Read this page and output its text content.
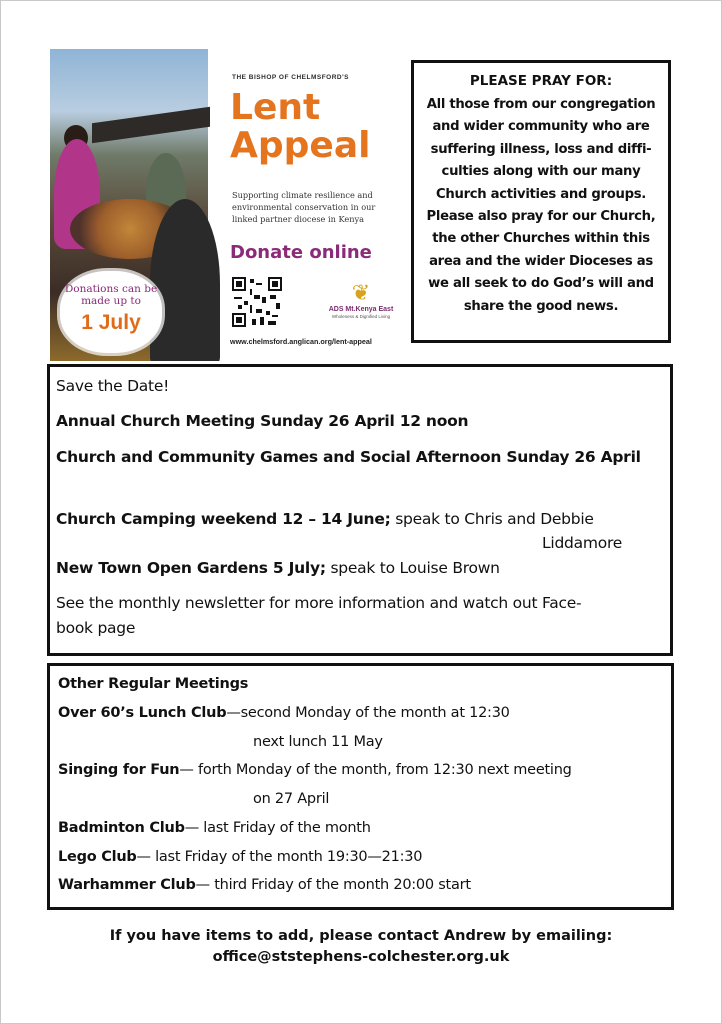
Donations can be made up to
1 July
THE BISHOP OF CHELMSFORD'S
Lent
Appeal
Supporting climate resilience and environmental conservation in our linked partner diocese in Kenya
Donate online
❦
ADS Mt.Kenya East
Wholeness & Dignified Living
www.chelmsford.anglican.org/lent-appeal
PLEASE PRAY FOR:
All those from our congregation
and wider community who are
suffering illness, loss and diffi-
culties along with our many
Church activities and groups.
Please also pray for our Church,
the other Churches within this
area and the wider Dioceses as
we all seek to do God’s will and
share the good news.
Save the Date!
Annual Church Meeting Sunday 26 April 12 noon
Church and Community Games and Social Afternoon Sunday 26 April
Church Camping weekend 12 – 14 June; speak to Chris and Debbie
Liddamore
New Town Open Gardens 5 July; speak to Louise Brown
See the monthly newsletter for more information and watch out Face-
book page
Other Regular Meetings
Over 60’s Lunch Club—second Monday of the month at 12:30
next lunch 11 May
Singing for Fun— forth Monday of the month, from 12:30 next meeting
on 27 April
Badminton Club— last Friday of the month
Lego Club— last Friday of the month 19:30—21:30
Warhammer Club— third Friday of the month 20:00 start
If you have items to add, please contact Andrew by emailing:
office@ststephens-colchester.org.uk
